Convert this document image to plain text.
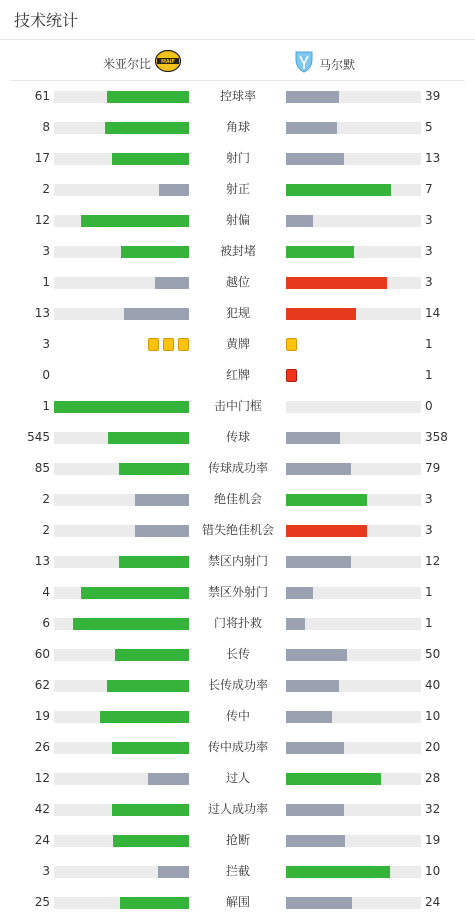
技术统计
米亚尔比 MAIF	马尔默
61	控球率	39
8	角球	5
17	射门	13
2	射正	7
12	射偏	3
3	被封堵	3
1	越位	3
13	犯规	14
3	黄牌	1
0	红牌	1
1	击中门框	0
545	传球	358
85	传球成功率	79
2	绝佳机会	3
2	错失绝佳机会	3
13	禁区内射门	12
4	禁区外射门	1
6	门将扑救	1
60	长传	50
62	长传成功率	40
19	传中	10
26	传中成功率	20
12	过人	28
42	过人成功率	32
24	抢断	19
3	拦截	10
25	解围	24
